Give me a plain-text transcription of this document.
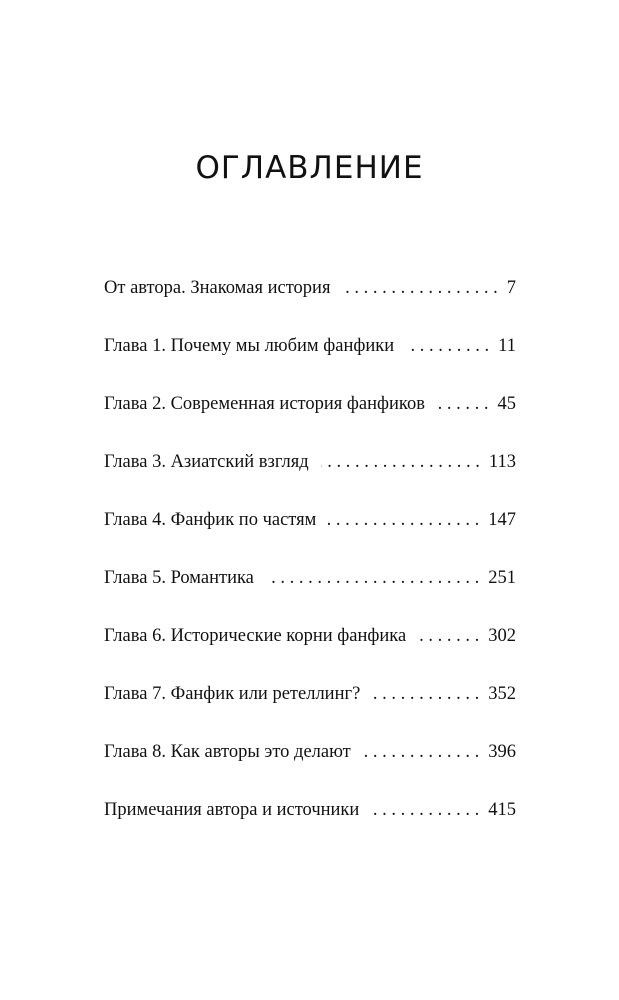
ОГЛАВЛЕНИЕ
От автора. Знакомая история . . .	7
Глава 1. Почему мы любим фанфики . . .	11
Глава 2. Современная история фанфиков . . .	45
Глава 3. Азиатский взгляд . . .	113
Глава 4. Фанфик по частям . . .	147
Глава 5. Романтика . . .	251
Глава 6. Исторические корни фанфика . . .	302
Глава 7. Фанфик или ретеллинг? . . .	352
Глава 8. Как авторы это делают . . .	396
Примечания автора и источники . . .	415
